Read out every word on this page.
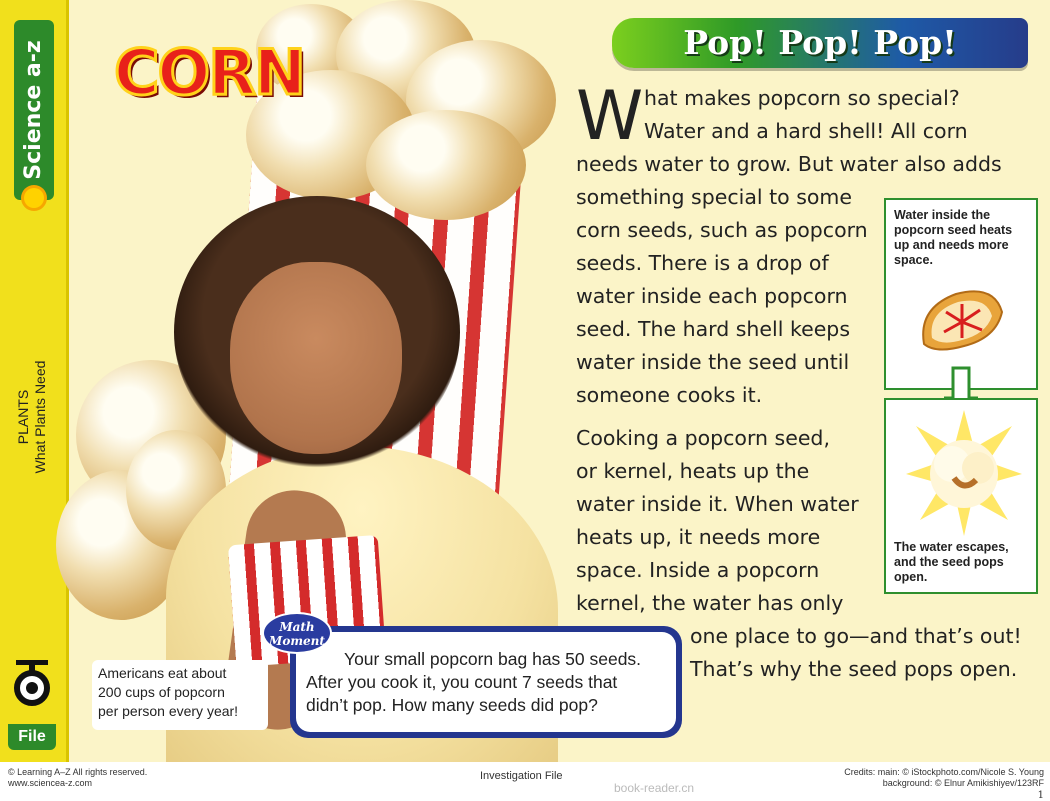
Science a-z
PLANTS What Plants Need
File
CORN	Pop! Pop! Pop!
W hat makes popcorn so special?
Water and a hard shell! All corn
needs water to grow. But water also adds
something special to some
corn seeds, such as popcorn
seeds. There is a drop of
water inside each popcorn
seed. The hard shell keeps
water inside the seed until
someone cooks it.
Cooking a popcorn seed,
or kernel, heats up the
water inside it. When water
heats up, it needs more
space. Inside a popcorn
kernel, the water has only
one place to go—and that’s out!
That’s why the seed pops open.
Water inside the
popcorn seed heats
up and needs more
space.
The water escapes,
and the seed pops
open.
Americans eat about
200 cups of popcorn
per person every year!
Your small popcorn bag has 50 seeds.
After you cook it, you count 7 seeds that
didn’t pop. How many seeds did pop?
Math
Moment
© Learning A–Z All rights reserved.
www.sciencea-z.com
Investigation File
book-reader.cn
Credits: main: © iStockphoto.com/Nicole S. Young
background: © Elnur Amikishiyev/123RF
1
